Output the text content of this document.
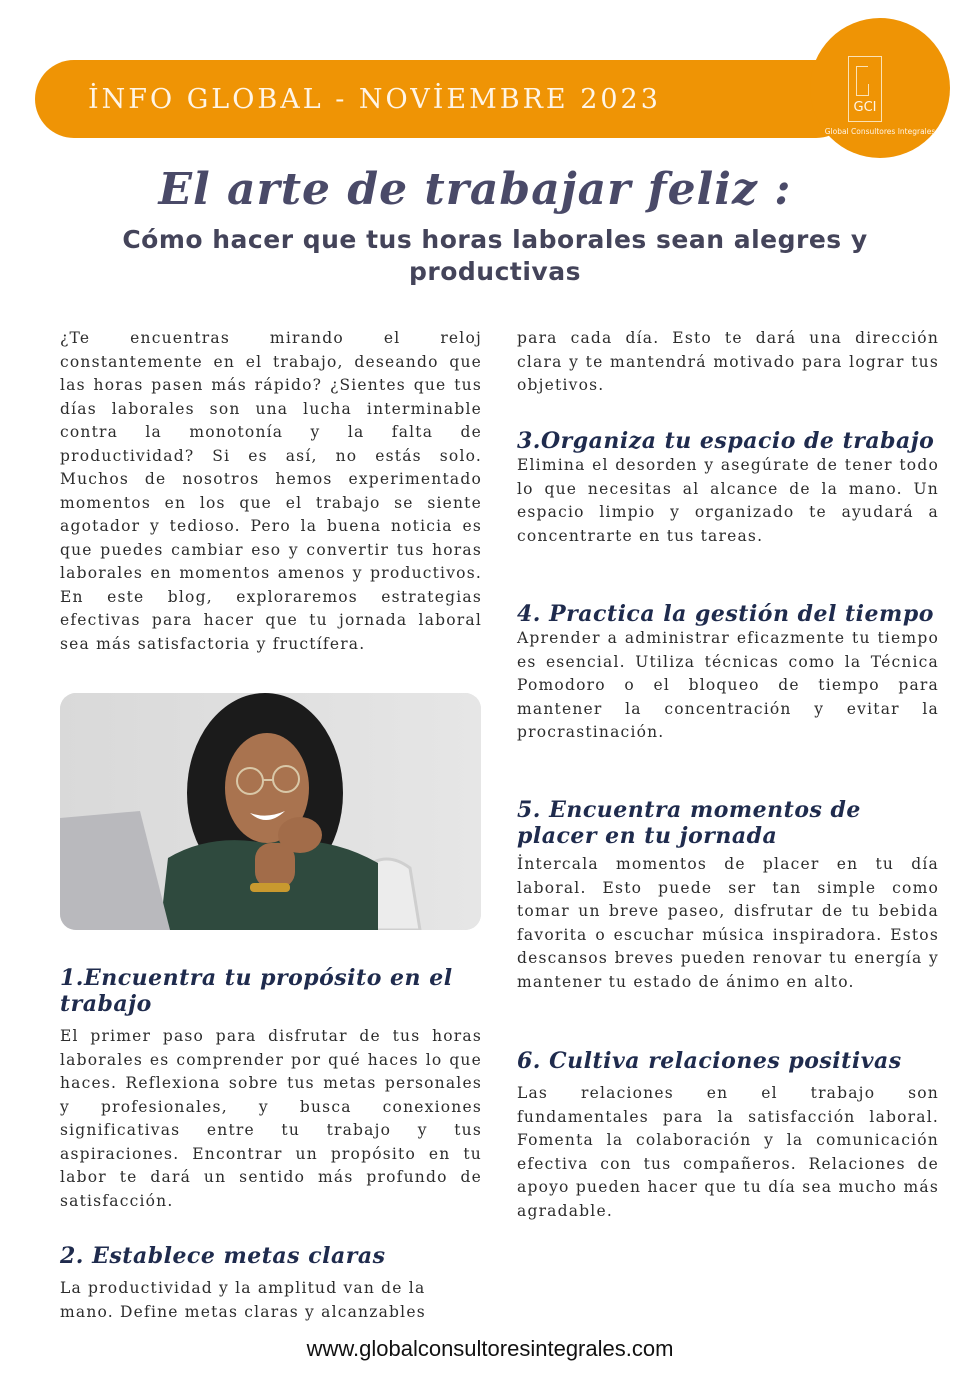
GCI
Global Consultores Integrales
İNFO GLOBAL - NOVİEMBRE 2023
El arte de trabajar feliz :
Cómo hacer que tus horas laborales sean alegres y productivas

¿Te encuentras mirando el reloj constantemente en el trabajo, deseando que las horas pasen más rápido? ¿Sientes que tus días laborales son una lucha interminable contra la monotonía y la falta de productividad? Si es así, no estás solo. Muchos de nosotros hemos experimentado momentos en los que el trabajo se siente agotador y tedioso. Pero la buena noticia es que puedes cambiar eso y convertir tus horas laborales en momentos amenos y productivos. En este blog, exploraremos estrategias efectivas para hacer que tu jornada laboral sea más satisfactoria y fructífera.

1.Encuentra tu propósito en el trabajo

El primer paso para disfrutar de tus horas laborales es comprender por qué haces lo que haces. Reflexiona sobre tus metas personales y profesionales, y busca conexiones significativas entre tu trabajo y tus aspiraciones. Encontrar un propósito en tu labor te dará un sentido más profundo de satisfacción.

2. Establece metas claras

La productividad y la amplitud van de la mano. Define metas claras y alcanzables

para cada día. Esto te dará una dirección clara y te mantendrá motivado para lograr tus objetivos.

3.Organiza tu espacio de trabajo

Elimina el desorden y asegúrate de tener todo lo que necesitas al alcance de la mano. Un espacio limpio y organizado te ayudará a concentrarte en tus tareas.

4. Practica la gestión del tiempo

Aprender a administrar eficazmente tu tiempo es esencial. Utiliza técnicas como la Técnica Pomodoro o el bloqueo de tiempo para mantener la concentración y evitar la procrastinación.

5. Encuentra momentos de placer en tu jornada

İntercala momentos de placer en tu día laboral. Esto puede ser tan simple como tomar un breve paseo, disfrutar de tu bebida favorita o escuchar música inspiradora. Estos descansos breves pueden renovar tu energía y mantener tu estado de ánimo en alto.

6. Cultiva relaciones positivas

Las relaciones en el trabajo son fundamentales para la satisfacción laboral. Fomenta la colaboración y la comunicación efectiva con tus compañeros. Relaciones de apoyo pueden hacer que tu día sea mucho más agradable.

www.globalconsultoresintegrales.com
